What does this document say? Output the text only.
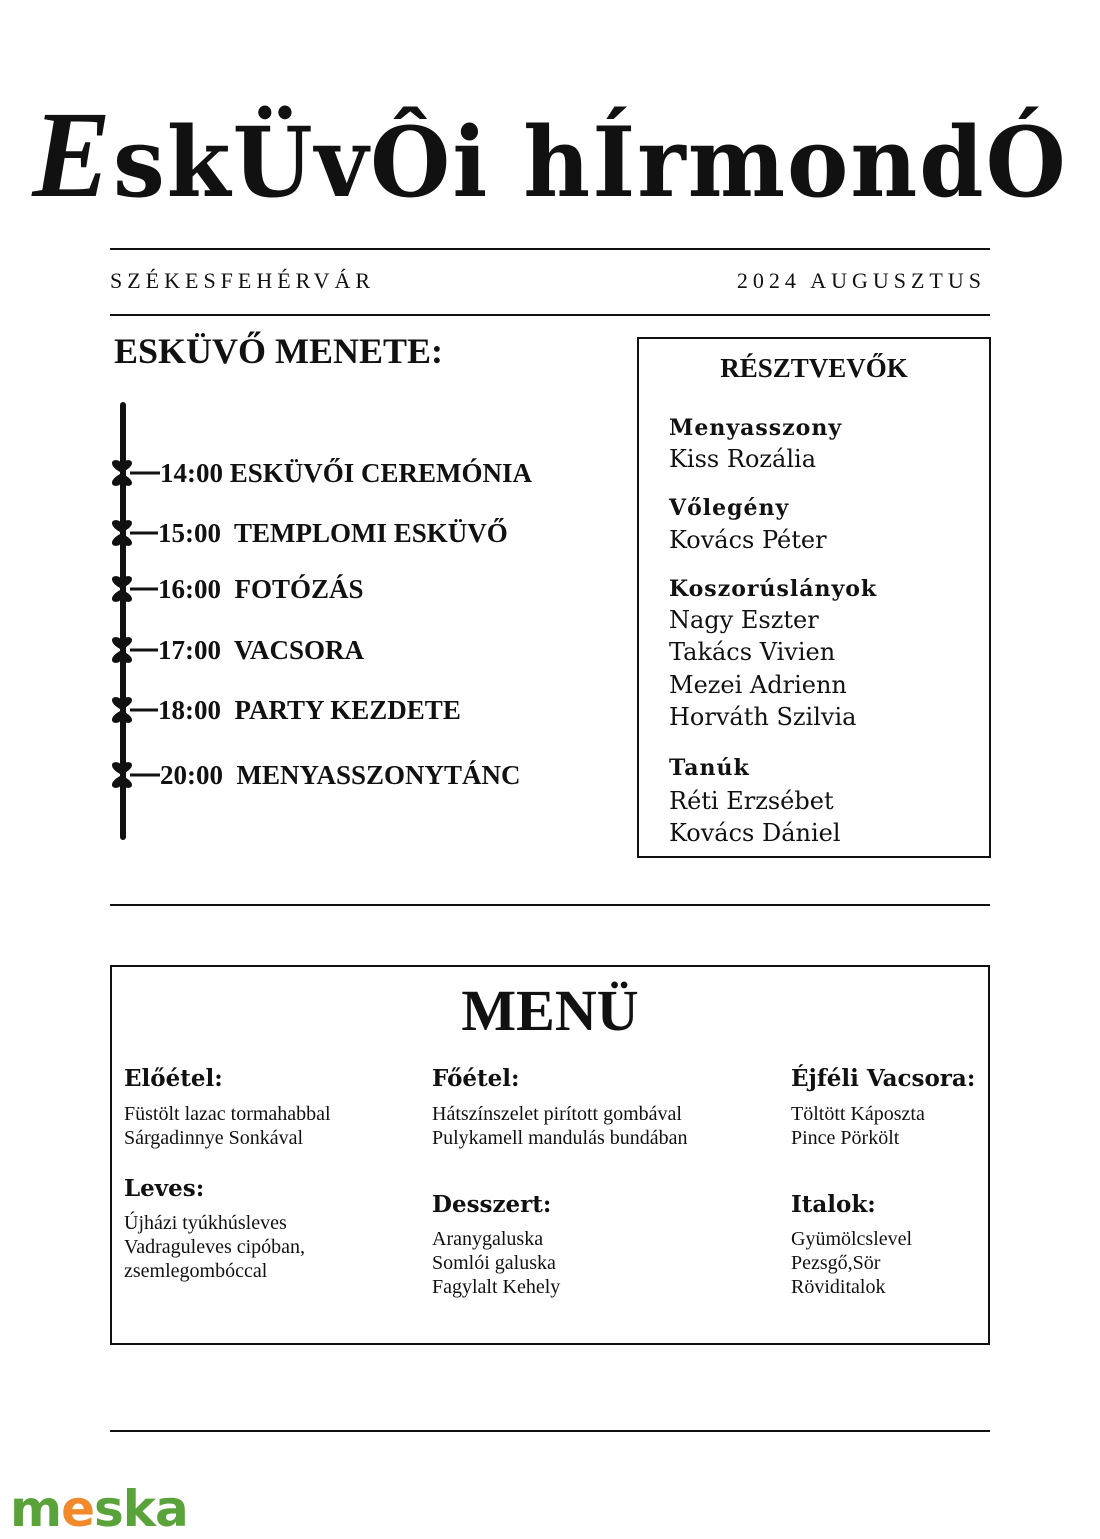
EskÜvÔi hÍrmondÓ
SZÉKESFEHÉRVÁR	2024 AUGUSZTUS
ESKÜVŐ MENETE:
14:00 ESKÜVŐI CEREMÓNIA
15:00  TEMPLOMI ESKÜVŐ
16:00  FOTÓZÁS
17:00  VACSORA
18:00  PARTY KEZDETE
20:00  MENYASSZONYTÁNC
RÉSZTVEVŐK
Menyasszony
Kiss Rozália
Vőlegény
Kovács Péter
Koszorúslányok
Nagy Eszter
Takács Vivien
Mezei Adrienn
Horváth Szilvia
Tanúk
Réti Erzsébet
Kovács Dániel
MENÜ
Előétel:
Füstölt lazac tormahabbal
Sárgadinnye Sonkával
Leves:
Újházi tyúkhúsleves
Vadraguleves cipóban,
zsemlegombóccal
Főétel:
Hátszínszelet pirított gombával
Pulykamell mandulás bundában
Desszert:
Aranygaluska
Somlói galuska
Fagylalt Kehely
Éjféli Vacsora:
Töltött Káposzta
Pince Pörkölt
Italok:
Gyümölcslevel
Pezsgő,Sör
Röviditalok
meska
